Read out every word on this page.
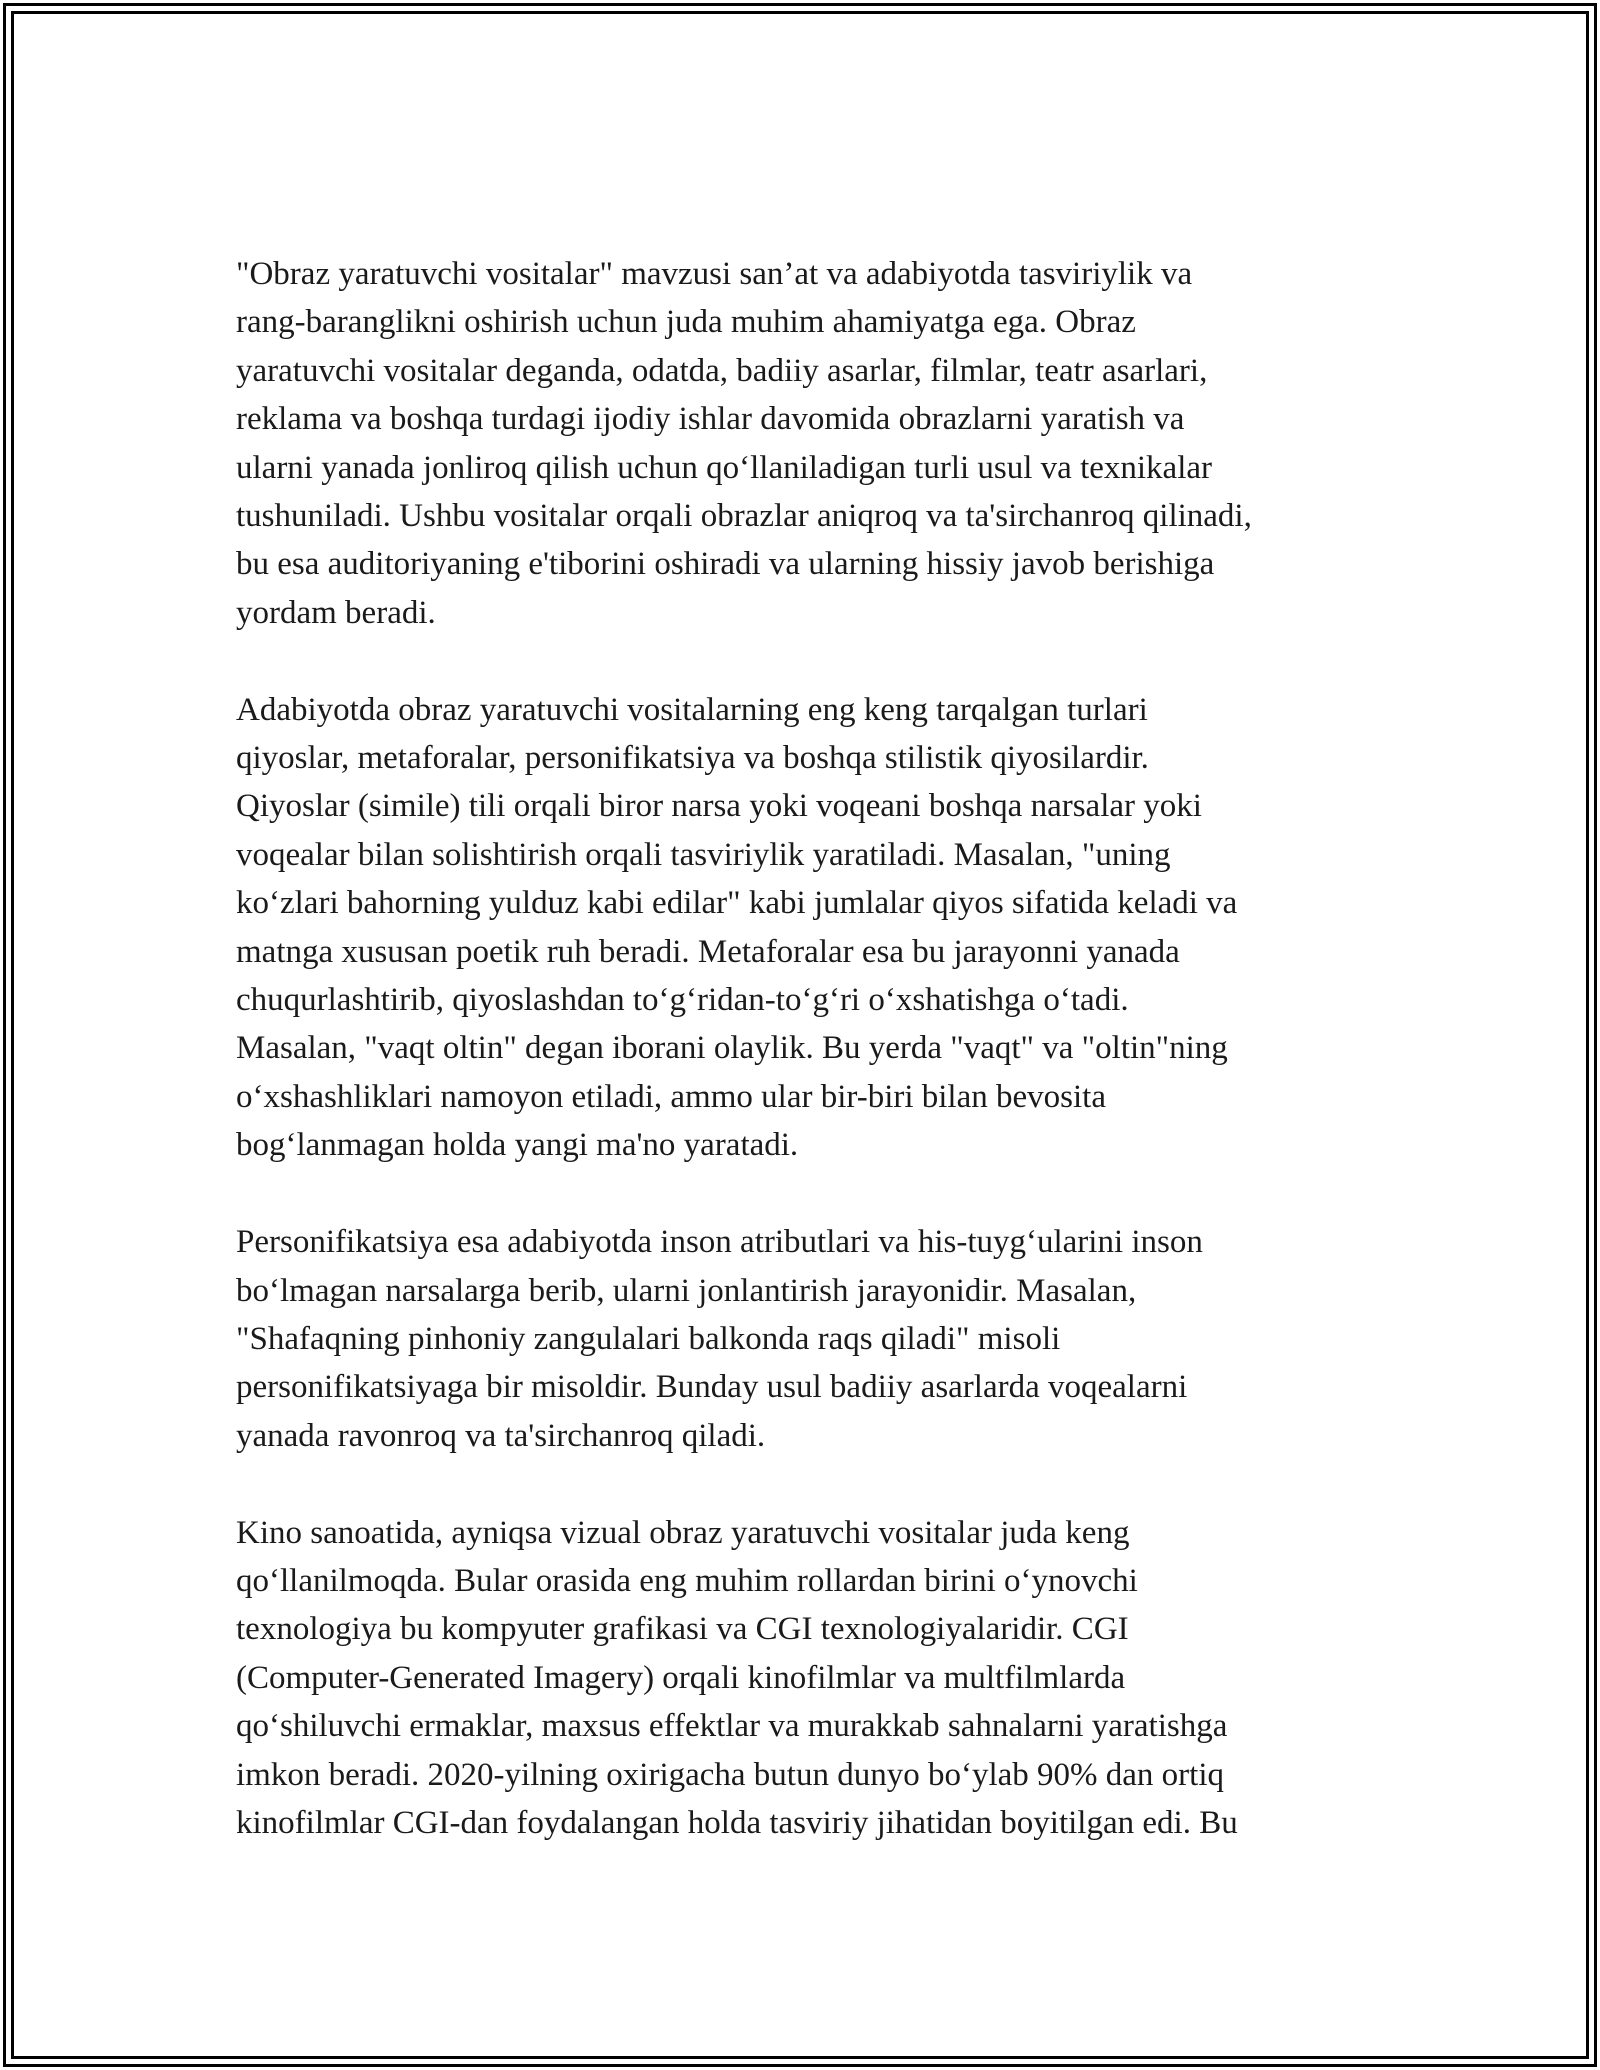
"Obraz yaratuvchi vositalar" mavzusi san’at va adabiyotda tasviriylik va
rang-baranglikni oshirish uchun juda muhim ahamiyatga ega. Obraz
yaratuvchi vositalar deganda, odatda, badiiy asarlar, filmlar, teatr asarlari,
reklama va boshqa turdagi ijodiy ishlar davomida obrazlarni yaratish va
ularni yanada jonliroq qilish uchun qo‘llaniladigan turli usul va texnikalar
tushuniladi. Ushbu vositalar orqali obrazlar aniqroq va ta'sirchanroq qilinadi,
bu esa auditoriyaning e'tiborini oshiradi va ularning hissiy javob berishiga
yordam beradi.

Adabiyotda obraz yaratuvchi vositalarning eng keng tarqalgan turlari
qiyoslar, metaforalar, personifikatsiya va boshqa stilistik qiyosilardir.
Qiyoslar (simile) tili orqali biror narsa yoki voqeani boshqa narsalar yoki
voqealar bilan solishtirish orqali tasviriylik yaratiladi. Masalan, "uning
ko‘zlari bahorning yulduz kabi edilar" kabi jumlalar qiyos sifatida keladi va
matnga xususan poetik ruh beradi. Metaforalar esa bu jarayonni yanada
chuqurlashtirib, qiyoslashdan to‘g‘ridan-to‘g‘ri o‘xshatishga o‘tadi.
Masalan, "vaqt oltin" degan iborani olaylik. Bu yerda "vaqt" va "oltin"ning
o‘xshashliklari namoyon etiladi, ammo ular bir-biri bilan bevosita
bog‘lanmagan holda yangi ma'no yaratadi.

Personifikatsiya esa adabiyotda inson atributlari va his-tuyg‘ularini inson
bo‘lmagan narsalarga berib, ularni jonlantirish jarayonidir. Masalan,
"Shafaqning pinhoniy zangulalari balkonda raqs qiladi" misoli
personifikatsiyaga bir misoldir. Bunday usul badiiy asarlarda voqealarni
yanada ravonroq va ta'sirchanroq qiladi.

Kino sanoatida, ayniqsa vizual obraz yaratuvchi vositalar juda keng
qo‘llanilmoqda. Bular orasida eng muhim rollardan birini o‘ynovchi
texnologiya bu kompyuter grafikasi va CGI texnologiyalaridir. CGI
(Computer-Generated Imagery) orqali kinofilmlar va multfilmlarda
qo‘shiluvchi ermaklar, maxsus effektlar va murakkab sahnalarni yaratishga
imkon beradi. 2020-yilning oxirigacha butun dunyo bo‘ylab 90% dan ortiq
kinofilmlar CGI-dan foydalangan holda tasviriy jihatidan boyitilgan edi. Bu
